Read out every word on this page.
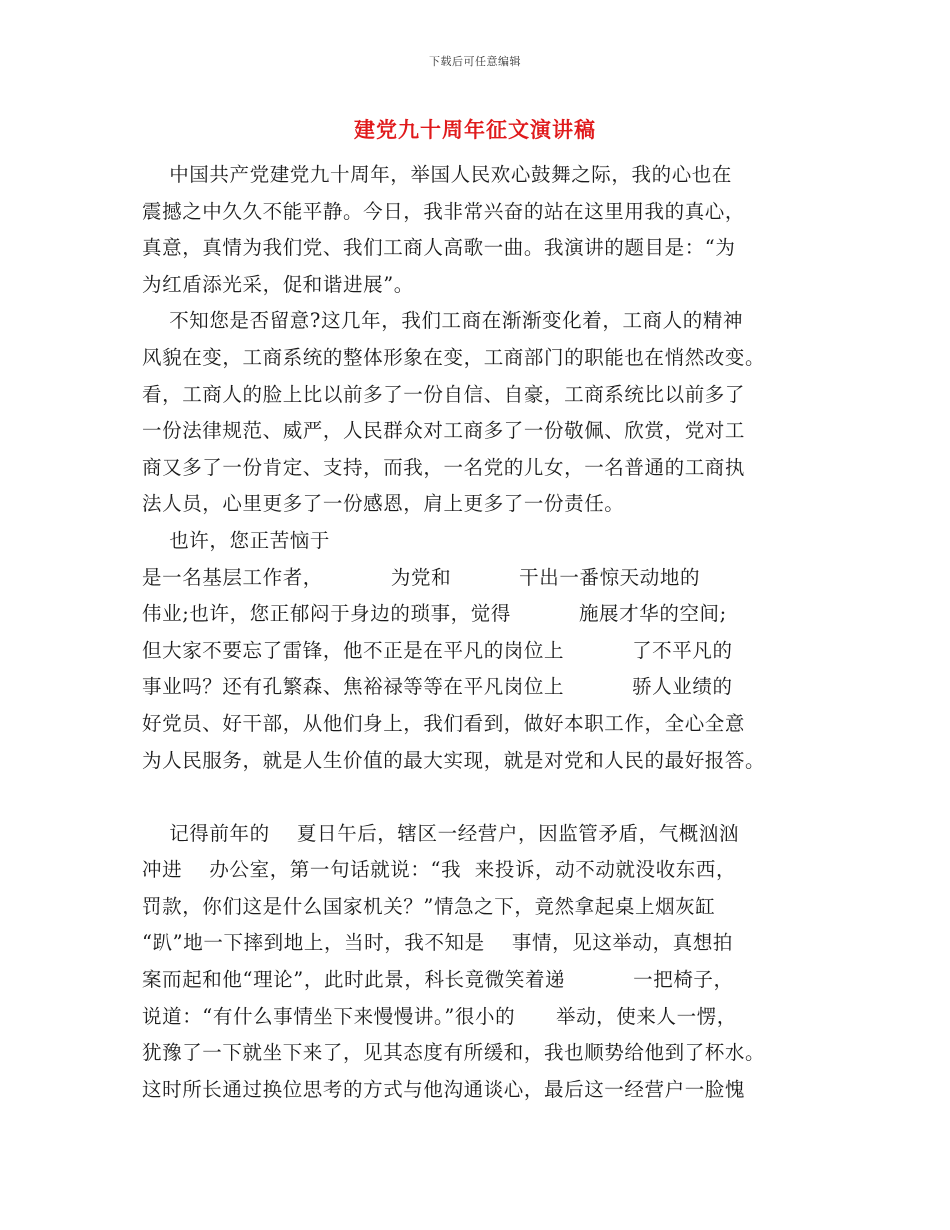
下载后可任意编辑
建党九十周年征文演讲稿
中国共产党建党九十周年，举国人民欢心鼓舞之际，我的心也在
震撼之中久久不能平静。今日，我非常兴奋的站在这里用我的真心，
真意，真情为我们党、我们工商人高歌一曲。我演讲的题目是：“为
为红盾添光采，促和谐进展”。
不知您是否留意?这几年，我们工商在渐渐变化着，工商人的精神
风貌在变，工商系统的整体形象在变，工商部门的职能也在悄然改变。
看，工商人的脸上比以前多了一份自信、自豪，工商系统比以前多了
一份法律规范、威严，人民群众对工商多了一份敬佩、欣赏，党对工
商又多了一份肯定、支持，而我，一名党的儿女，一名普通的工商执
法人员，心里更多了一份感恩，肩上更多了一份责任。
也许，您正苦恼于
是一名基层工作者，          为党和          干出一番惊天动地的
伟业;也许，您正郁闷于身边的琐事，觉得          施展才华的空间;
但大家不要忘了雷锋，他不正是在平凡的岗位上          了不平凡的
事业吗？还有孔繁森、焦裕禄等等在平凡岗位上          骄人业绩的
好党员、好干部，从他们身上，我们看到，做好本职工作，全心全意
为人民服务，就是人生价值的最大实现，就是对党和人民的最好报答。
记得前年的    夏日午后，辖区一经营户，因监管矛盾，气概汹汹
冲进    办公室，第一句话就说：“我  来投诉，动不动就没收东西，
罚款，你们这是什么国家机关？”情急之下，竟然拿起桌上烟灰缸
“趴”地一下摔到地上，当时，我不知是    事情，见这举动，真想拍
案而起和他“理论”，此时此景，科长竟微笑着递          一把椅子，
说道：“有什么事情坐下来慢慢讲。”很小的      举动，使来人一愣，
犹豫了一下就坐下来了，见其态度有所缓和，我也顺势给他到了杯水。
这时所长通过换位思考的方式与他沟通谈心，最后这一经营户一脸愧
